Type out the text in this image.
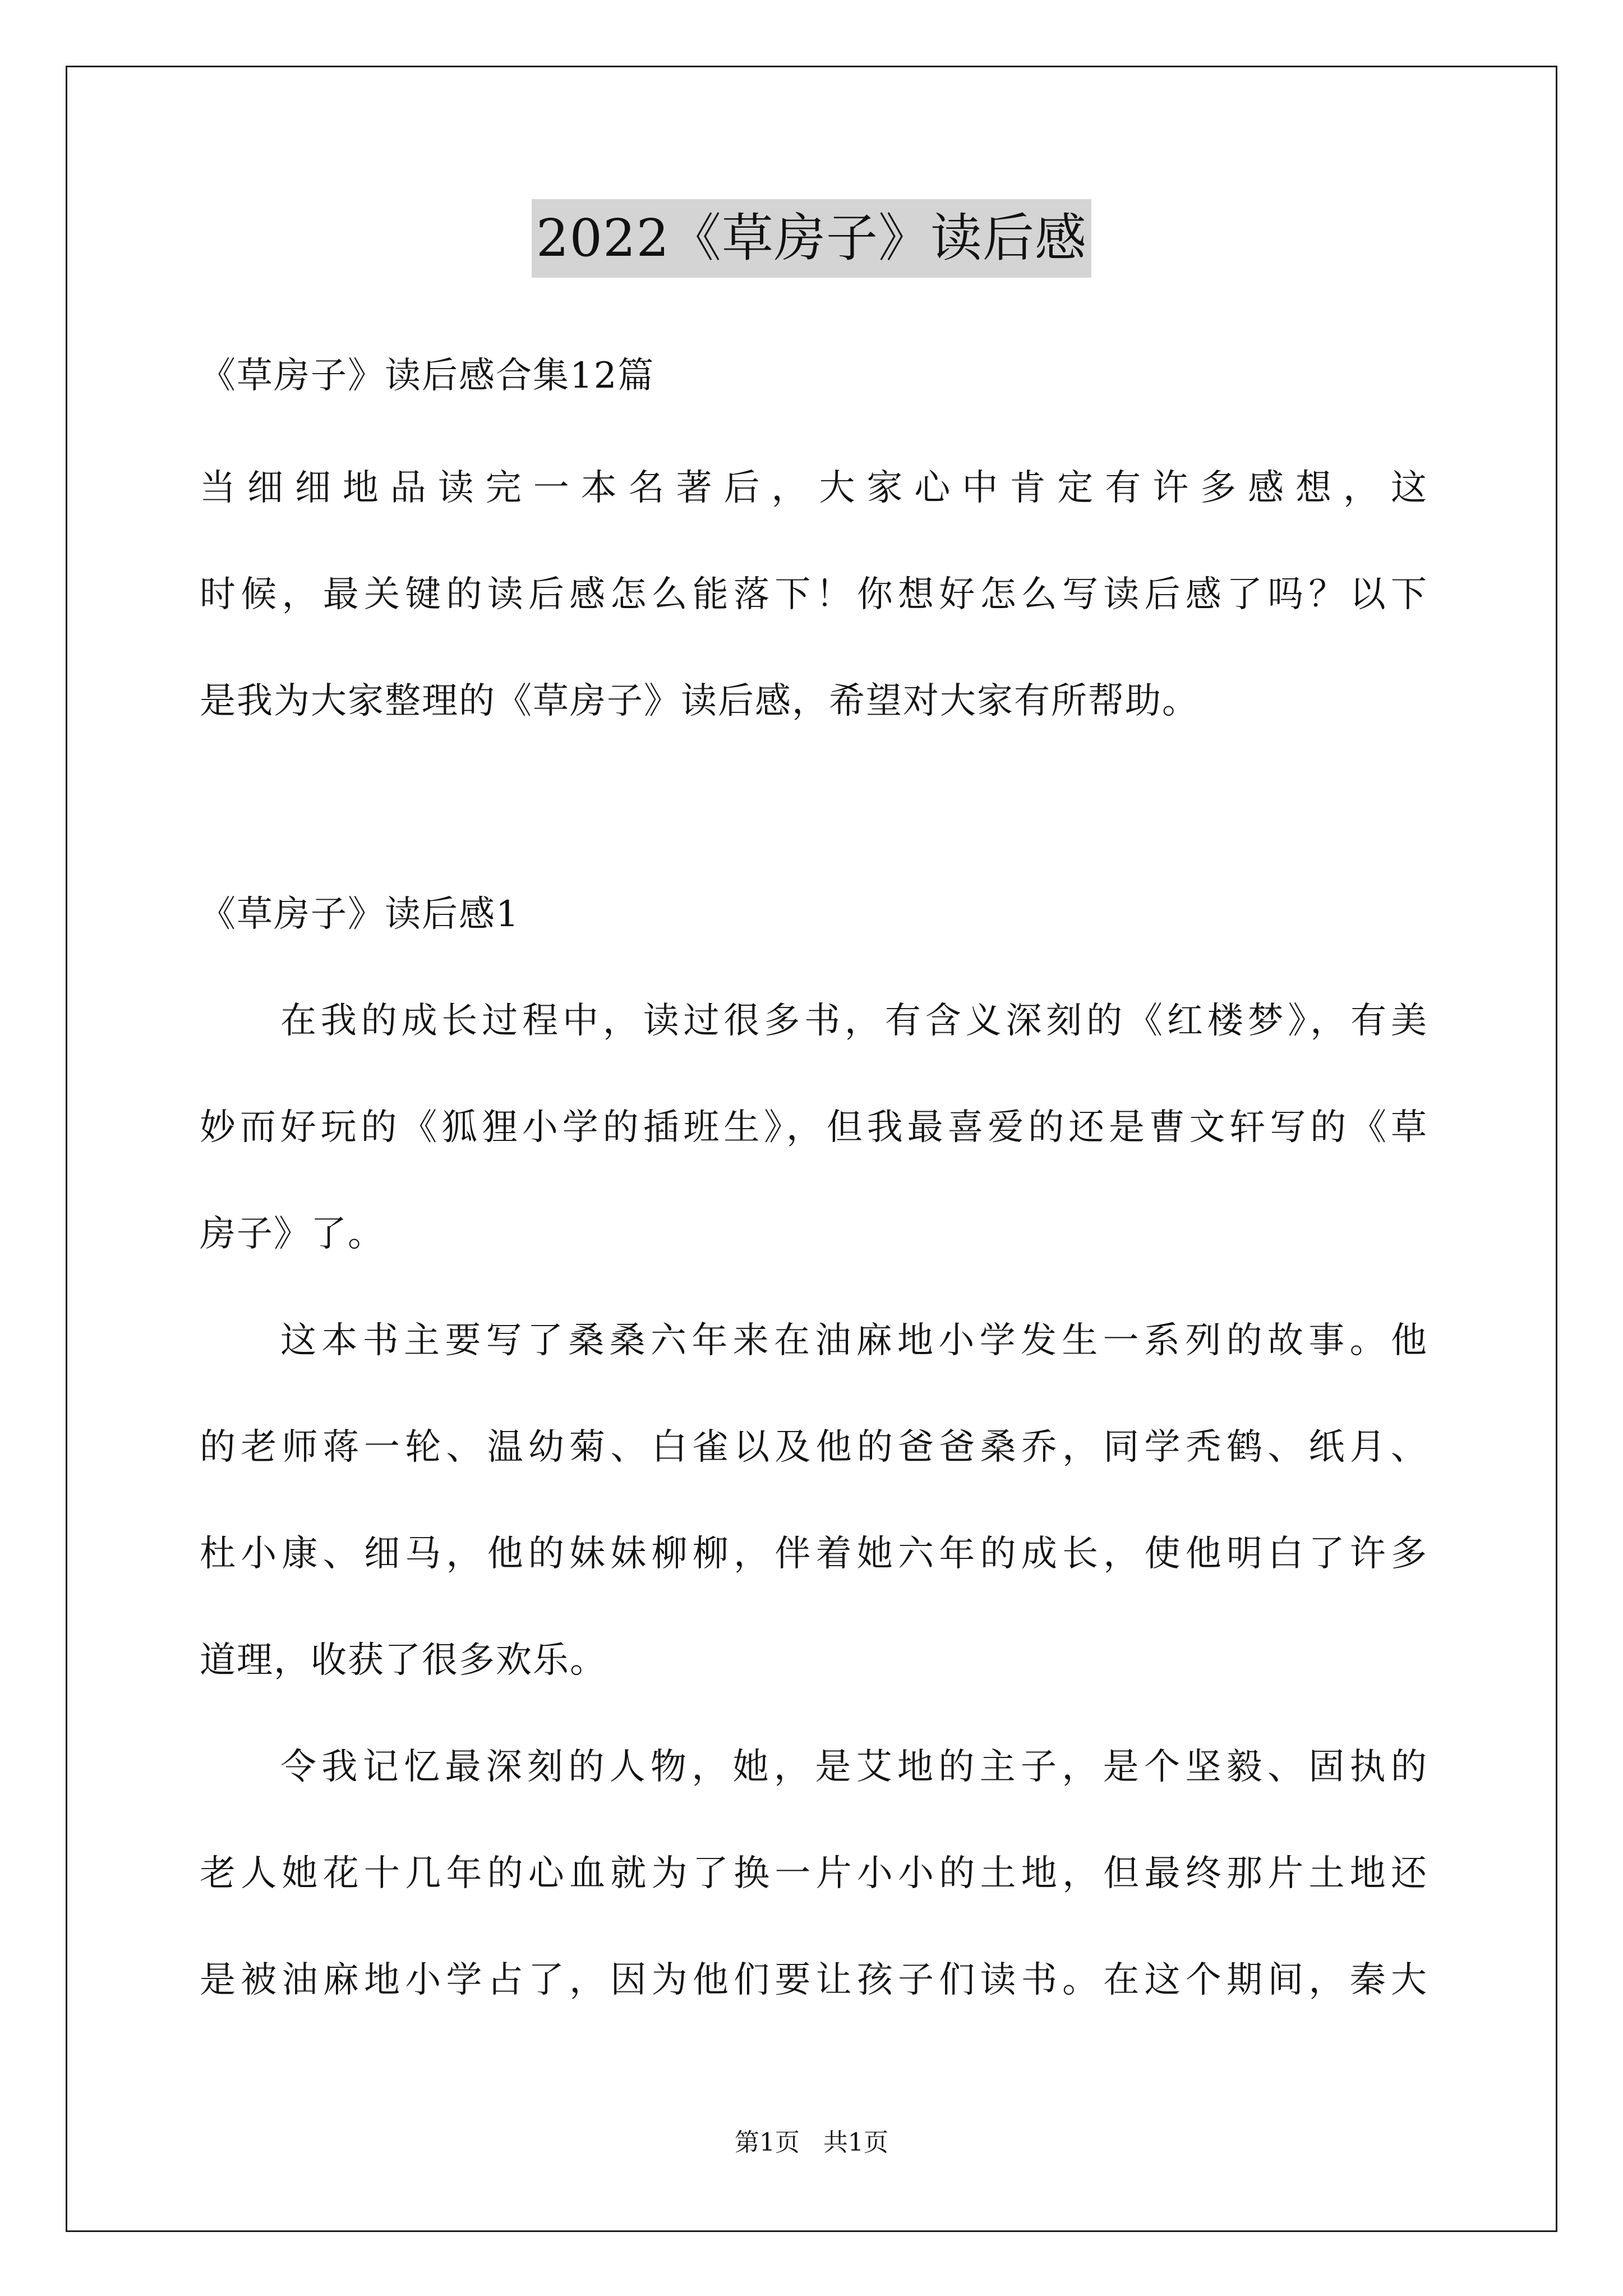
2022《草房子》读后感
《草房子》读后感合集12篇
当细细地品读完一本名著后，大家心中肯定有许多感想，这
时候，最关键的读后感怎么能落下！你想好怎么写读后感了吗？以下
是我为大家整理的《草房子》读后感，希望对大家有所帮助。
《草房子》读后感1
在我的成长过程中，读过很多书，有含义深刻的《红楼梦》，有美
妙而好玩的《狐狸小学的插班生》，但我最喜爱的还是曹文轩写的《草
房子》了。
这本书主要写了桑桑六年来在油麻地小学发生一系列的故事。他
的老师蒋一轮、温幼菊、白雀以及他的爸爸桑乔，同学秃鹤、纸月、
杜小康、细马，他的妹妹柳柳，伴着她六年的成长，使他明白了许多
道理，收获了很多欢乐。
令我记忆最深刻的人物，她，是艾地的主子，是个坚毅、固执的
老人她花十几年的心血就为了换一片小小的土地，但最终那片土地还
是被油麻地小学占了，因为他们要让孩子们读书。在这个期间，秦大
第1页   共1页
